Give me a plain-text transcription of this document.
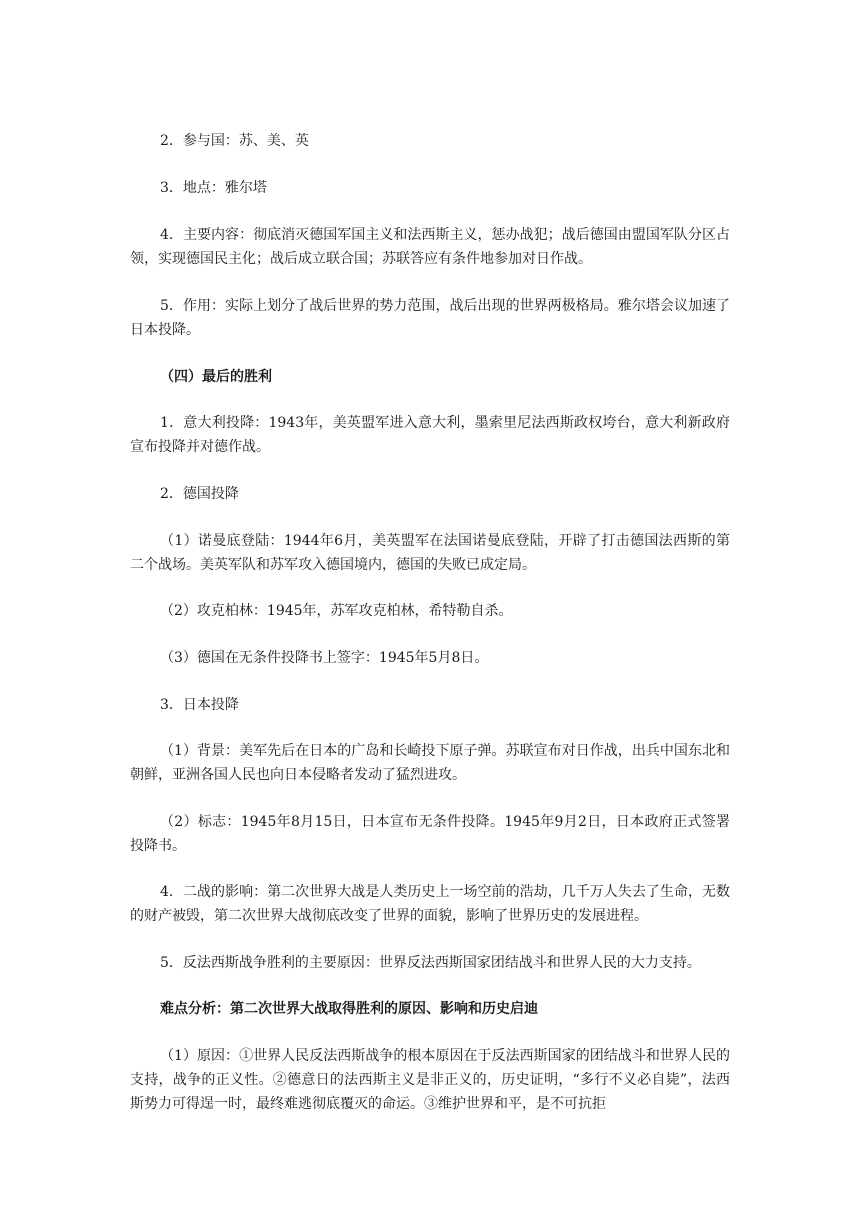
2．参与国：苏、美、英

3．地点：雅尔塔

4．主要内容：彻底消灭德国军国主义和法西斯主义，惩办战犯；战后德国由盟国军队分区占领，实现德国民主化；战后成立联合国；苏联答应有条件地参加对日作战。

5．作用：实际上划分了战后世界的势力范围，战后出现的世界两极格局。雅尔塔会议加速了日本投降。

（四）最后的胜利

1．意大利投降：1943年，美英盟军进入意大利，墨索里尼法西斯政权垮台，意大利新政府宣布投降并对德作战。

2．德国投降

（1）诺曼底登陆：1944年6月，美英盟军在法国诺曼底登陆，开辟了打击德国法西斯的第二个战场。美英军队和苏军攻入德国境内，德国的失败已成定局。

（2）攻克柏林：1945年，苏军攻克柏林，希特勒自杀。

（3）德国在无条件投降书上签字：1945年5月8日。

3．日本投降

（1）背景：美军先后在日本的广岛和长崎投下原子弹。苏联宣布对日作战，出兵中国东北和朝鲜，亚洲各国人民也向日本侵略者发动了猛烈进攻。

（2）标志：1945年8月15日，日本宣布无条件投降。1945年9月2日，日本政府正式签署投降书。

4．二战的影响：第二次世界大战是人类历史上一场空前的浩劫，几千万人失去了生命，无数的财产被毁，第二次世界大战彻底改变了世界的面貌，影响了世界历史的发展进程。

5．反法西斯战争胜利的主要原因：世界反法西斯国家团结战斗和世界人民的大力支持。

难点分析：第二次世界大战取得胜利的原因、影响和历史启迪

（1）原因：①世界人民反法西斯战争的根本原因在于反法西斯国家的团结战斗和世界人民的支持，战争的正义性。②德意日的法西斯主义是非正义的，历史证明，“多行不义必自毙”，法西斯势力可得逞一时，最终难逃彻底覆灭的命运。③维护世界和平，是不可抗拒
